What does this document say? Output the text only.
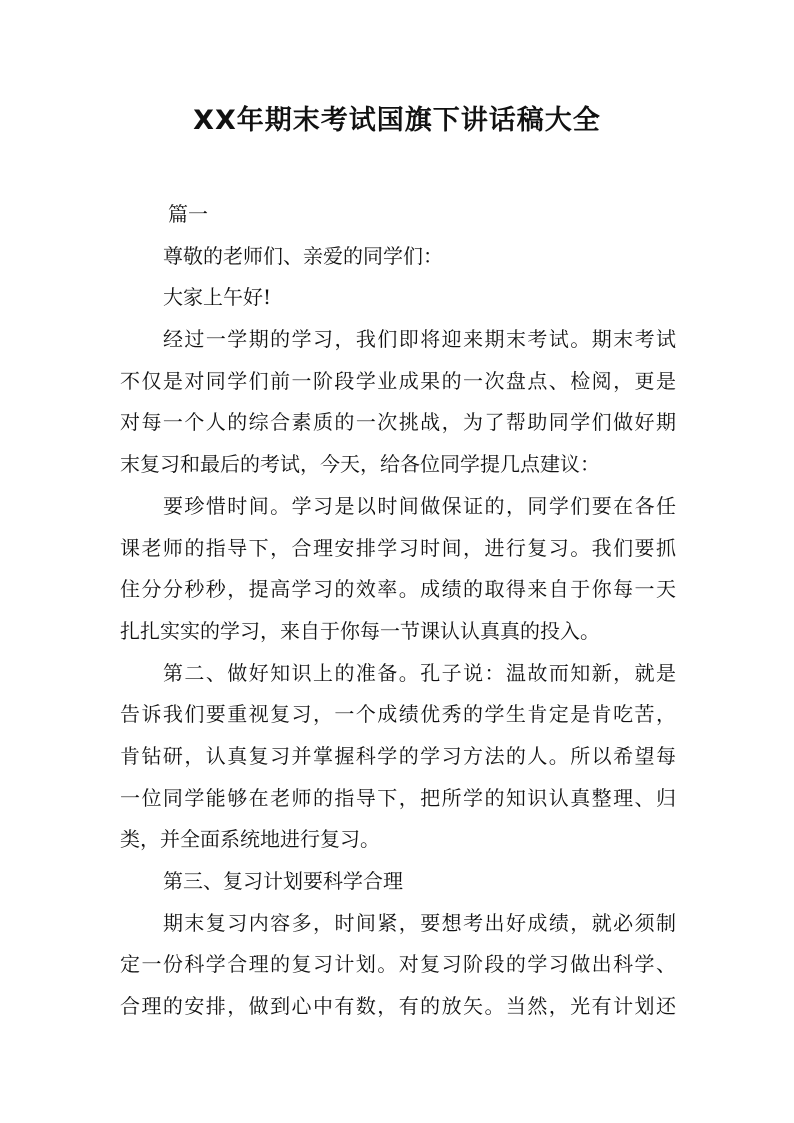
XX年期末考试国旗下讲话稿大全
篇一
尊敬的老师们、亲爱的同学们：
大家上午好!
经过一学期的学习，我们即将迎来期末考试。期末考试
不仅是对同学们前一阶段学业成果的一次盘点、检阅，更是
对每一个人的综合素质的一次挑战，为了帮助同学们做好期
末复习和最后的考试，今天，给各位同学提几点建议：
要珍惜时间。学习是以时间做保证的，同学们要在各任
课老师的指导下，合理安排学习时间，进行复习。我们要抓
住分分秒秒，提高学习的效率。成绩的取得来自于你每一天
扎扎实实的学习，来自于你每一节课认认真真的投入。
第二、做好知识上的准备。孔子说：温故而知新，就是
告诉我们要重视复习，一个成绩优秀的学生肯定是肯吃苦，
肯钻研，认真复习并掌握科学的学习方法的人。所以希望每
一位同学能够在老师的指导下，把所学的知识认真整理、归
类，并全面系统地进行复习。
第三、复习计划要科学合理
期末复习内容多，时间紧，要想考出好成绩，就必须制
定一份科学合理的复习计划。对复习阶段的学习做出科学、
合理的安排，做到心中有数，有的放矢。当然，光有计划还
